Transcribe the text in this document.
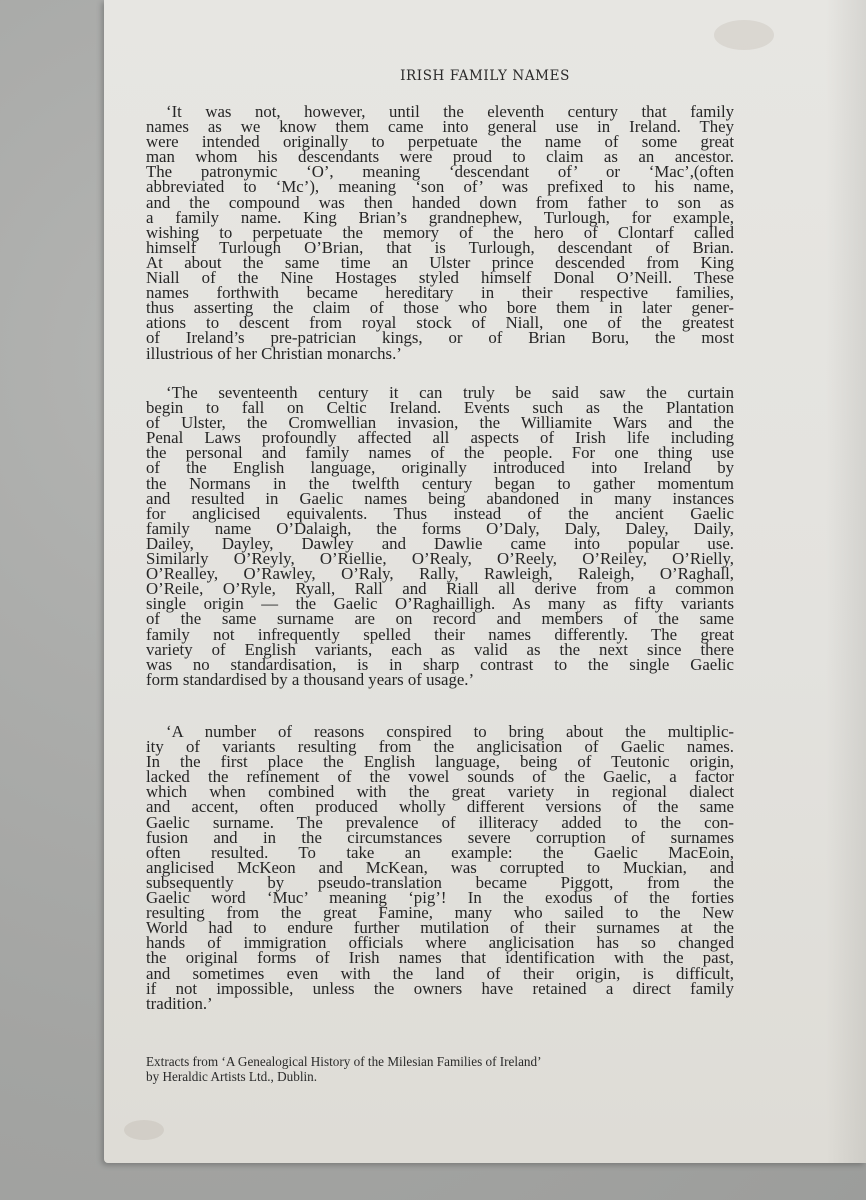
IRISH FAMILY NAMES

‘It was not, however, until the eleventh century that family
names as we know them came into general use in Ireland. They
were intended originally to perpetuate the name of some great
man whom his descendants were proud to claim as an ancestor.
The patronymic ‘O’, meaning ‘descendant of’ or ‘Mac’,(often
abbreviated to ‘Mc’), meaning ‘son of’ was prefixed to his name,
and the compound was then handed down from father to son as
a family name. King Brian’s grandnephew, Turlough, for example,
wishing to perpetuate the memory of the hero of Clontarf called
himself Turlough O’Brian, that is Turlough, descendant of Brian.
At about the same time an Ulster prince descended from King
Niall of the Nine Hostages styled himself Donal O’Neill. These
names forthwith became hereditary in their respective families,
thus asserting the claim of those who bore them in later gener-
ations to descent from royal stock of Niall, one of the greatest
of Ireland’s pre-patrician kings, or of Brian Boru, the most
illustrious of her Christian monarchs.’

‘The seventeenth century it can truly be said saw the curtain
begin to fall on Celtic Ireland. Events such as the Plantation
of Ulster, the Cromwellian invasion, the Williamite Wars and the
Penal Laws profoundly affected all aspects of Irish life including
the personal and family names of the people. For one thing use
of the English language, originally introduced into Ireland by
the Normans in the twelfth century began to gather momentum
and resulted in Gaelic names being abandoned in many instances
for anglicised equivalents. Thus instead of the ancient Gaelic
family name O’Dalaigh, the forms O’Daly, Daly, Daley, Daily,
Dailey, Dayley, Dawley and Dawlie came into popular use.
Similarly O’Reyly, O’Riellie, O’Realy, O’Reely, O’Reiley, O’Rielly,
O’Realley, O’Rawley, O’Raly, Rally, Rawleigh, Raleigh, O’Raghall,
O’Reile, O’Ryle, Ryall, Rall and Riall all derive from a common
single origin — the Gaelic O’Raghailligh. As many as fifty variants
of the same surname are on record and members of the same
family not infrequently spelled their names differently. The great
variety of English variants, each as valid as the next since there
was no standardisation, is in sharp contrast to the single Gaelic
form standardised by a thousand years of usage.’

‘A number of reasons conspired to bring about the multiplic-
ity of variants resulting from the anglicisation of Gaelic names.
In the first place the English language, being of Teutonic origin,
lacked the refinement of the vowel sounds of the Gaelic, a factor
which when combined with the great variety in regional dialect
and accent, often produced wholly different versions of the same
Gaelic surname. The prevalence of illiteracy added to the con-
fusion and in the circumstances severe corruption of surnames
often resulted. To take an example: the Gaelic MacEoin,
anglicised McKeon and McKean, was corrupted to Muckian, and
subsequently by pseudo-translation became Piggott, from the
Gaelic word ‘Muc’ meaning ‘pig’! In the exodus of the forties
resulting from the great Famine, many who sailed to the New
World had to endure further mutilation of their surnames at the
hands of immigration officials where anglicisation has so changed
the original forms of Irish names that identification with the past,
and sometimes even with the land of their origin, is difficult,
if not impossible, unless the owners have retained a direct family
tradition.’

Extracts from ‘A Genealogical History of the Milesian Families of Ireland’
by Heraldic Artists Ltd., Dublin.
